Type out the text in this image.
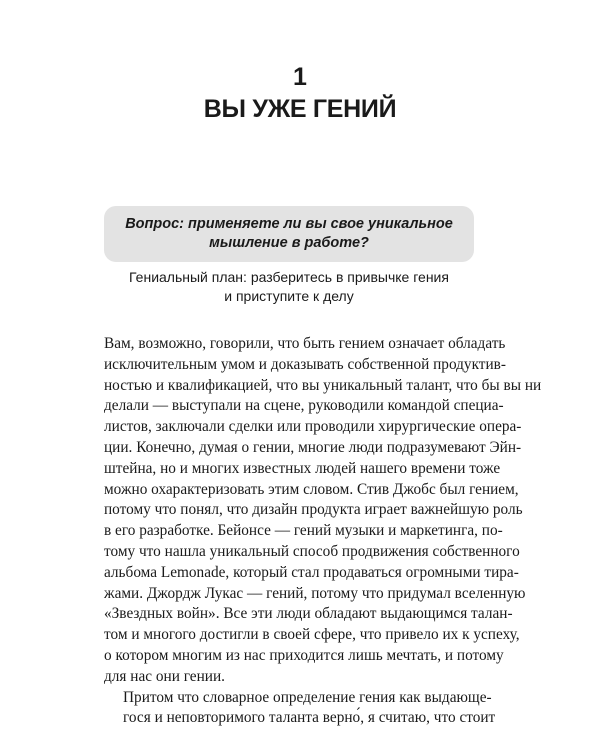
1
ВЫ УЖЕ ГЕНИЙ
Вопрос: применяете ли вы свое уникальное
мышление в работе?
Гениальный план: разберитесь в привычке гения
и приступите к делу

Вам, возможно, говорили, что быть гением означает обладать
исключительным умом и доказывать собственной продуктив-
ностью и квалификацией, что вы уникальный талант, что бы вы ни
делали — выступали на сцене, руководили командой специа-
листов, заключали сделки или проводили хирургические опера-
ции. Конечно, думая о гении, многие люди подразумевают Эйн-
штейна, но и многих известных людей нашего времени тоже
можно охарактеризовать этим словом. Стив Джобс был гением,
потому что понял, что дизайн продукта играет важнейшую роль
в его разработке. Бейонсе — гений музыки и маркетинга, по-
тому что нашла уникальный способ продвижения собственного
альбома Lemonade, который стал продаваться огромными тира-
жами. Джордж Лукас — гений, потому что придумал вселенную
«Звездных войн». Все эти люди обладают выдающимся талан-
том и многого достигли в своей сфере, что привело их к успеху,
о котором многим из нас приходится лишь мечтать, и потому
для нас они гении.

Притом что словарное определение гения как выдающе-
гося и неповторимого таланта верно́, я считаю, что стоит
